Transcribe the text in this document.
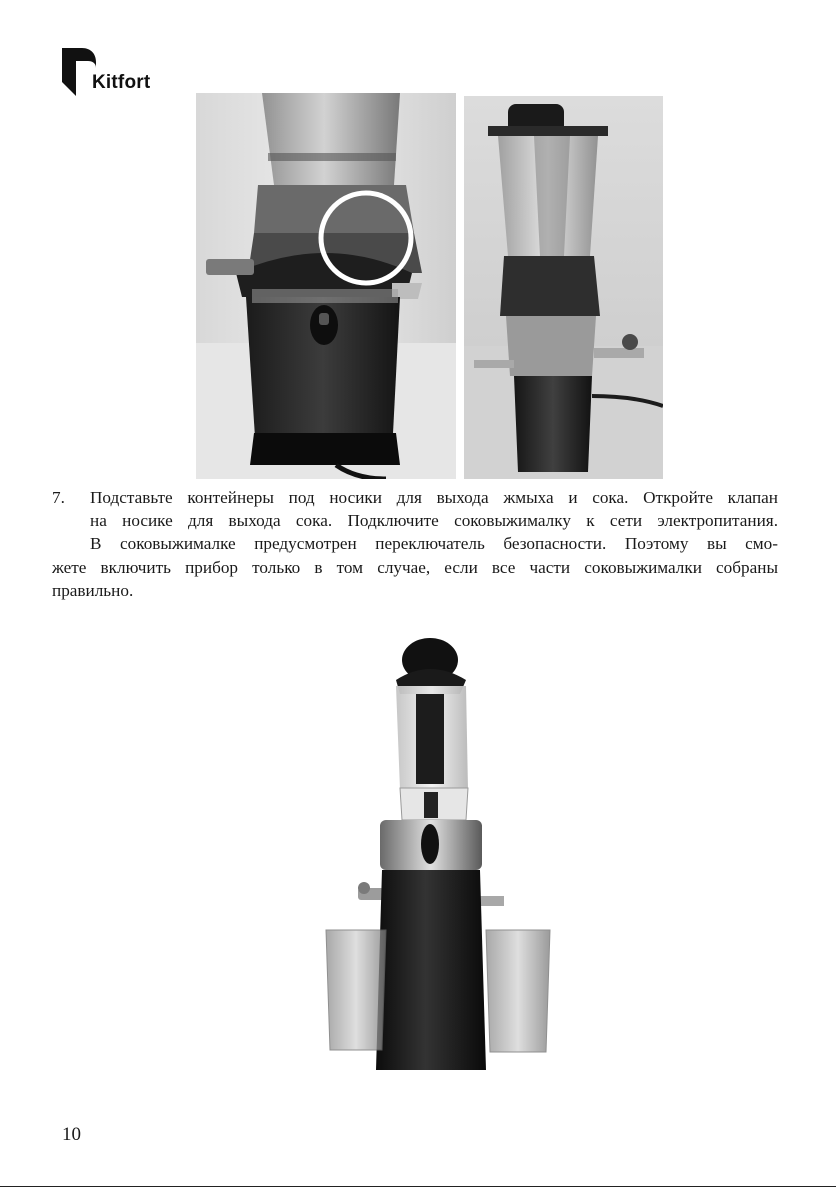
Kitfort

7. Подставьте контейнеры под носики для выхода жмыха и сока. Откройте клапан

на носике для выхода сока. Подключите соковыжималку к сети электропитания.

В соковыжималке предусмотрен переключатель безопасности. Поэтому вы смо-

жете включить прибор только в том случае, если все части соковыжималки собраны

правильно.

10
